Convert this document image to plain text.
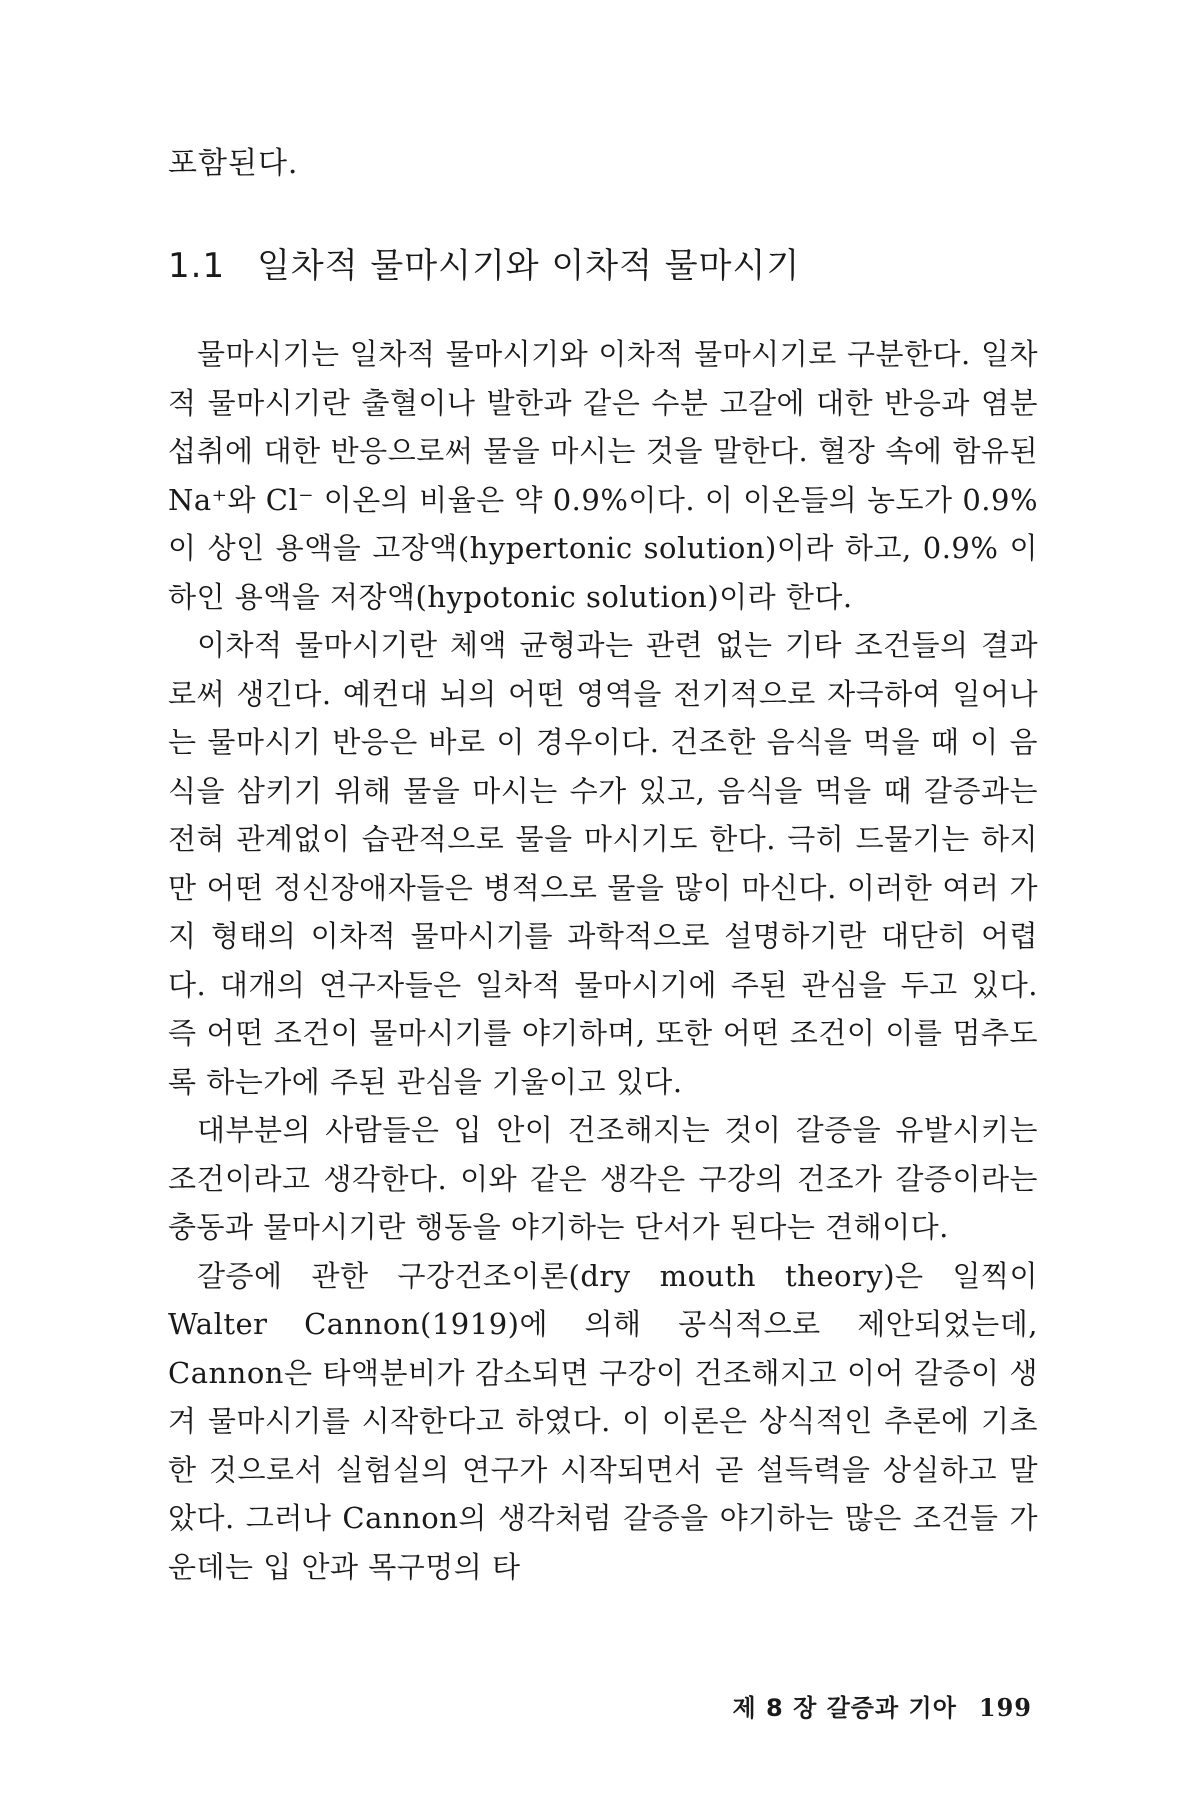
포함된다.
1.1 일차적 물마시기와 이차적 물마시기

물마시기는 일차적 물마시기와 이차적 물마시기로 구분한다. 일차적 물마시기란 출혈이나 발한과 같은 수분 고갈에 대한 반응과 염분 섭취에 대한 반응으로써 물을 마시는 것을 말한다. 혈장 속에 함유된 Na⁺와 Cl⁻ 이온의 비율은 약 0.9%이다. 이 이온들의 농도가 0.9% 이 상인 용액을 고장액(hypertonic solution)이라 하고, 0.9% 이하인 용액을 저장액(hypotonic solution)이라 한다.

이차적 물마시기란 체액 균형과는 관련 없는 기타 조건들의 결과로써 생긴다. 예컨대 뇌의 어떤 영역을 전기적으로 자극하여 일어나는 물마시기 반응은 바로 이 경우이다. 건조한 음식을 먹을 때 이 음식을 삼키기 위해 물을 마시는 수가 있고, 음식을 먹을 때 갈증과는 전혀 관계없이 습관적으로 물을 마시기도 한다. 극히 드물기는 하지만 어떤 정신장애자들은 병적으로 물을 많이 마신다. 이러한 여러 가지 형태의 이차적 물마시기를 과학적으로 설명하기란 대단히 어렵다. 대개의 연구자들은 일차적 물마시기에 주된 관심을 두고 있다. 즉 어떤 조건이 물마시기를 야기하며, 또한 어떤 조건이 이를 멈추도록 하는가에 주된 관심을 기울이고 있다.

대부분의 사람들은 입 안이 건조해지는 것이 갈증을 유발시키는 조건이라고 생각한다. 이와 같은 생각은 구강의 건조가 갈증이라는 충동과 물마시기란 행동을 야기하는 단서가 된다는 견해이다.

갈증에 관한 구강건조이론(dry mouth theory)은 일찍이 Walter Cannon(1919)에 의해 공식적으로 제안되었는데, Cannon은 타액분비가 감소되면 구강이 건조해지고 이어 갈증이 생겨 물마시기를 시작한다고 하였다. 이 이론은 상식적인 추론에 기초한 것으로서 실험실의 연구가 시작되면서 곧 설득력을 상실하고 말았다. 그러나 Cannon의 생각처럼 갈증을 야기하는 많은 조건들 가운데는 입 안과 목구멍의 타

제 8 장 갈증과 기아 199
